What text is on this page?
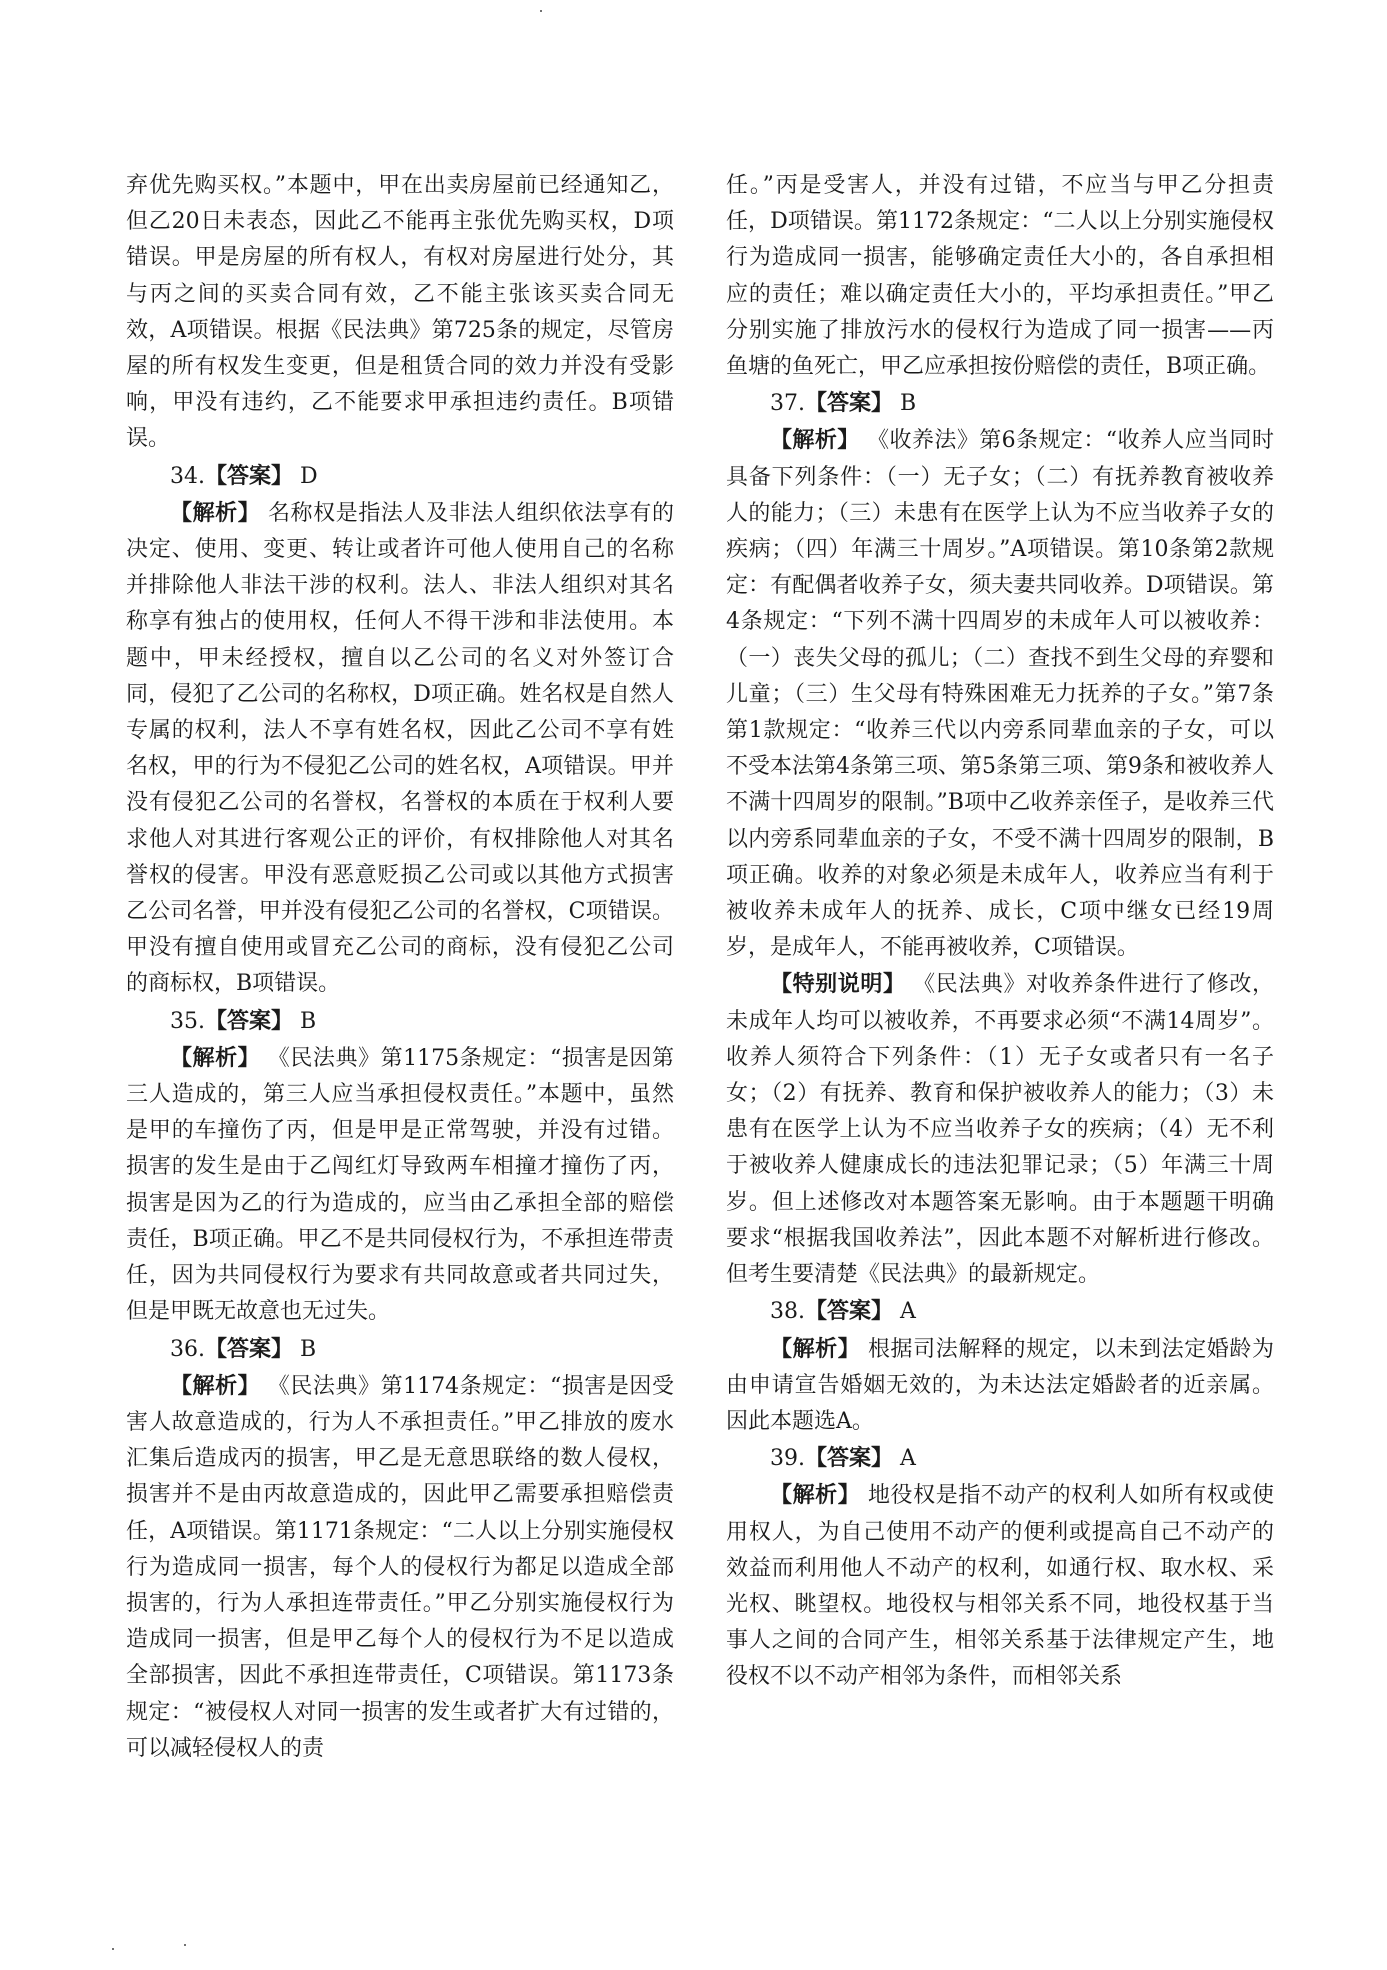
弃优先购买权。”本题中，甲在出卖房屋前已经通知乙，但乙20日未表态，因此乙不能再主张优先购买权，D项错误。甲是房屋的所有权人，有权对房屋进行处分，其与丙之间的买卖合同有效，乙不能主张该买卖合同无效，A项错误。根据《民法典》第725条的规定，尽管房屋的所有权发生变更，但是租赁合同的效力并没有受影响，甲没有违约，乙不能要求甲承担违约责任。B项错误。

34.【答案】 D

【解析】 名称权是指法人及非法人组织依法享有的决定、使用、变更、转让或者许可他人使用自己的名称并排除他人非法干涉的权利。法人、非法人组织对其名称享有独占的使用权，任何人不得干涉和非法使用。本题中，甲未经授权，擅自以乙公司的名义对外签订合同，侵犯了乙公司的名称权，D项正确。姓名权是自然人专属的权利，法人不享有姓名权，因此乙公司不享有姓名权，甲的行为不侵犯乙公司的姓名权，A项错误。甲并没有侵犯乙公司的名誉权，名誉权的本质在于权利人要求他人对其进行客观公正的评价，有权排除他人对其名誉权的侵害。甲没有恶意贬损乙公司或以其他方式损害乙公司名誉，甲并没有侵犯乙公司的名誉权，C项错误。甲没有擅自使用或冒充乙公司的商标，没有侵犯乙公司的商标权，B项错误。

35.【答案】 B

【解析】 《民法典》第1175条规定：“损害是因第三人造成的，第三人应当承担侵权责任。”本题中，虽然是甲的车撞伤了丙，但是甲是正常驾驶，并没有过错。损害的发生是由于乙闯红灯导致两车相撞才撞伤了丙，损害是因为乙的行为造成的，应当由乙承担全部的赔偿责任，B项正确。甲乙不是共同侵权行为，不承担连带责任，因为共同侵权行为要求有共同故意或者共同过失，但是甲既无故意也无过失。

36.【答案】 B

【解析】 《民法典》第1174条规定：“损害是因受害人故意造成的，行为人不承担责任。”甲乙排放的废水汇集后造成丙的损害，甲乙是无意思联络的数人侵权，损害并不是由丙故意造成的，因此甲乙需要承担赔偿责任，A项错误。第1171条规定：“二人以上分别实施侵权行为造成同一损害，每个人的侵权行为都足以造成全部损害的，行为人承担连带责任。”甲乙分别实施侵权行为造成同一损害，但是甲乙每个人的侵权行为不足以造成全部损害，因此不承担连带责任，C项错误。第1173条规定：“被侵权人对同一损害的发生或者扩大有过错的，可以减轻侵权人的责

任。”丙是受害人，并没有过错，不应当与甲乙分担责任，D项错误。第1172条规定：“二人以上分别实施侵权行为造成同一损害，能够确定责任大小的，各自承担相应的责任；难以确定责任大小的，平均承担责任。”甲乙分别实施了排放污水的侵权行为造成了同一损害——丙鱼塘的鱼死亡，甲乙应承担按份赔偿的责任，B项正确。

37.【答案】 B

【解析】 《收养法》第6条规定：“收养人应当同时具备下列条件：（一）无子女；（二）有抚养教育被收养人的能力；（三）未患有在医学上认为不应当收养子女的疾病；（四）年满三十周岁。”A项错误。第10条第2款规定：有配偶者收养子女，须夫妻共同收养。D项错误。第4条规定：“下列不满十四周岁的未成年人可以被收养：（一）丧失父母的孤儿；（二）查找不到生父母的弃婴和儿童；（三）生父母有特殊困难无力抚养的子女。”第7条第1款规定：“收养三代以内旁系同辈血亲的子女，可以不受本法第4条第三项、第5条第三项、第9条和被收养人不满十四周岁的限制。”B项中乙收养亲侄子，是收养三代以内旁系同辈血亲的子女，不受不满十四周岁的限制，B项正确。收养的对象必须是未成年人，收养应当有利于被收养未成年人的抚养、成长，C项中继女已经19周岁，是成年人，不能再被收养，C项错误。

【特别说明】 《民法典》对收养条件进行了修改，未成年人均可以被收养，不再要求必须“不满14周岁”。收养人须符合下列条件：（1）无子女或者只有一名子女；（2）有抚养、教育和保护被收养人的能力；（3）未患有在医学上认为不应当收养子女的疾病；（4）无不利于被收养人健康成长的违法犯罪记录；（5）年满三十周岁。但上述修改对本题答案无影响。由于本题题干明确要求“根据我国收养法”，因此本题不对解析进行修改。但考生要清楚《民法典》的最新规定。

38.【答案】 A

【解析】 根据司法解释的规定，以未到法定婚龄为由申请宣告婚姻无效的，为未达法定婚龄者的近亲属。因此本题选A。

39.【答案】 A

【解析】 地役权是指不动产的权利人如所有权或使用权人，为自己使用不动产的便利或提高自己不动产的效益而利用他人不动产的权利，如通行权、取水权、采光权、眺望权。地役权与相邻关系不同，地役权基于当事人之间的合同产生，相邻关系基于法律规定产生，地役权不以不动产相邻为条件，而相邻关系
